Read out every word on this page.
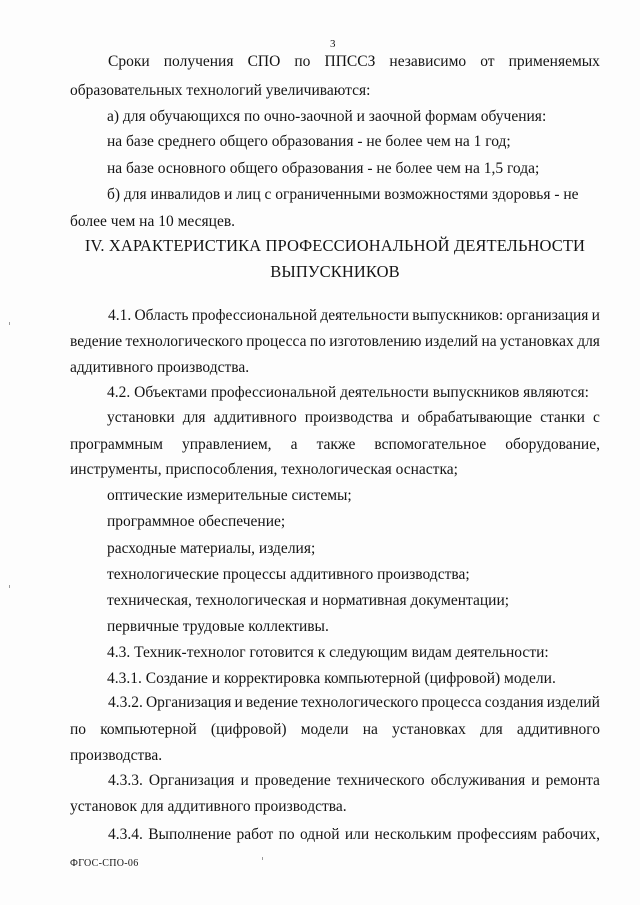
3
Сроки получения СПО по ППССЗ независимо от применяемых
образовательных технологий увеличиваются:
а) для обучающихся по очно-заочной и заочной формам обучения:
на базе среднего общего образования - не более чем на 1 год;
на базе основного общего образования - не более чем на 1,5 года;
б) для инвалидов и лиц с ограниченными возможностями здоровья - не
более чем на 10 месяцев.
IV. ХАРАКТЕРИСТИКА ПРОФЕССИОНАЛЬНОЙ ДЕЯТЕЛЬНОСТИ
ВЫПУСКНИКОВ
4.1. Область профессиональной деятельности выпускников: организация и
ведение технологического процесса по изготовлению изделий на установках для
аддитивного производства.
4.2. Объектами профессиональной деятельности выпускников являются:
установки для аддитивного производства и обрабатывающие станки с
программным управлением, а также вспомогательное оборудование,
инструменты, приспособления, технологическая оснастка;
оптические измерительные системы;
программное обеспечение;
расходные материалы, изделия;
технологические процессы аддитивного производства;
техническая, технологическая и нормативная документации;
первичные трудовые коллективы.
4.3. Техник-технолог готовится к следующим видам деятельности:
4.3.1. Создание и корректировка компьютерной (цифровой) модели.
4.3.2. Организация и ведение технологического процесса создания изделий
по компьютерной (цифровой) модели на установках для аддитивного
производства.
4.3.3. Организация и проведение технического обслуживания и ремонта
установок для аддитивного производства.
4.3.4. Выполнение работ по одной или нескольким профессиям рабочих,
ФГОС-СПО-06
